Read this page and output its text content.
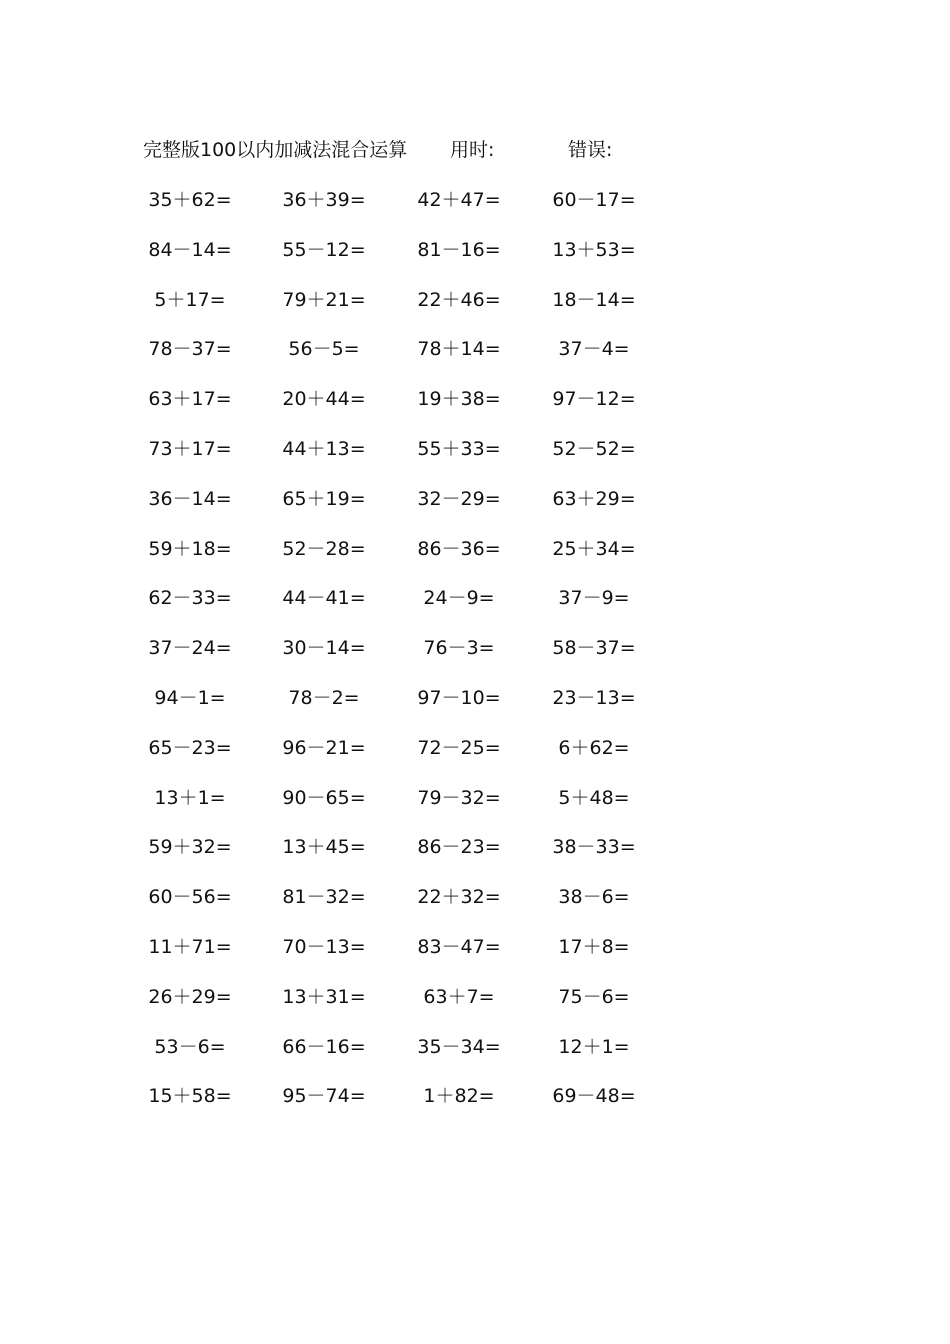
完整版100以内加减法混合运算 用时:	错误:
35＋62=	36＋39=	42＋47=	60－17=
84－14=	55－12=	81－16=	13＋53=
5＋17=	79＋21=	22＋46=	18－14=
78－37=	56－5=	78＋14=	37－4=
63＋17=	20＋44=	19＋38=	97－12=
73＋17=	44＋13=	55＋33=	52－52=
36－14=	65＋19=	32－29=	63＋29=
59＋18=	52－28=	86－36=	25＋34=
62－33=	44－41=	24－9=	37－9=
37－24=	30－14=	76－3=	58－37=
94－1=	78－2=	97－10=	23－13=
65－23=	96－21=	72－25=	6＋62=
13＋1=	90－65=	79－32=	5＋48=
59＋32=	13＋45=	86－23=	38－33=
60－56=	81－32=	22＋32=	38－6=
11＋71=	70－13=	83－47=	17＋8=
26＋29=	13＋31=	63＋7=	75－6=
53－6=	66－16=	35－34=	12＋1=
15＋58=	95－74=	1＋82=	69－48=
